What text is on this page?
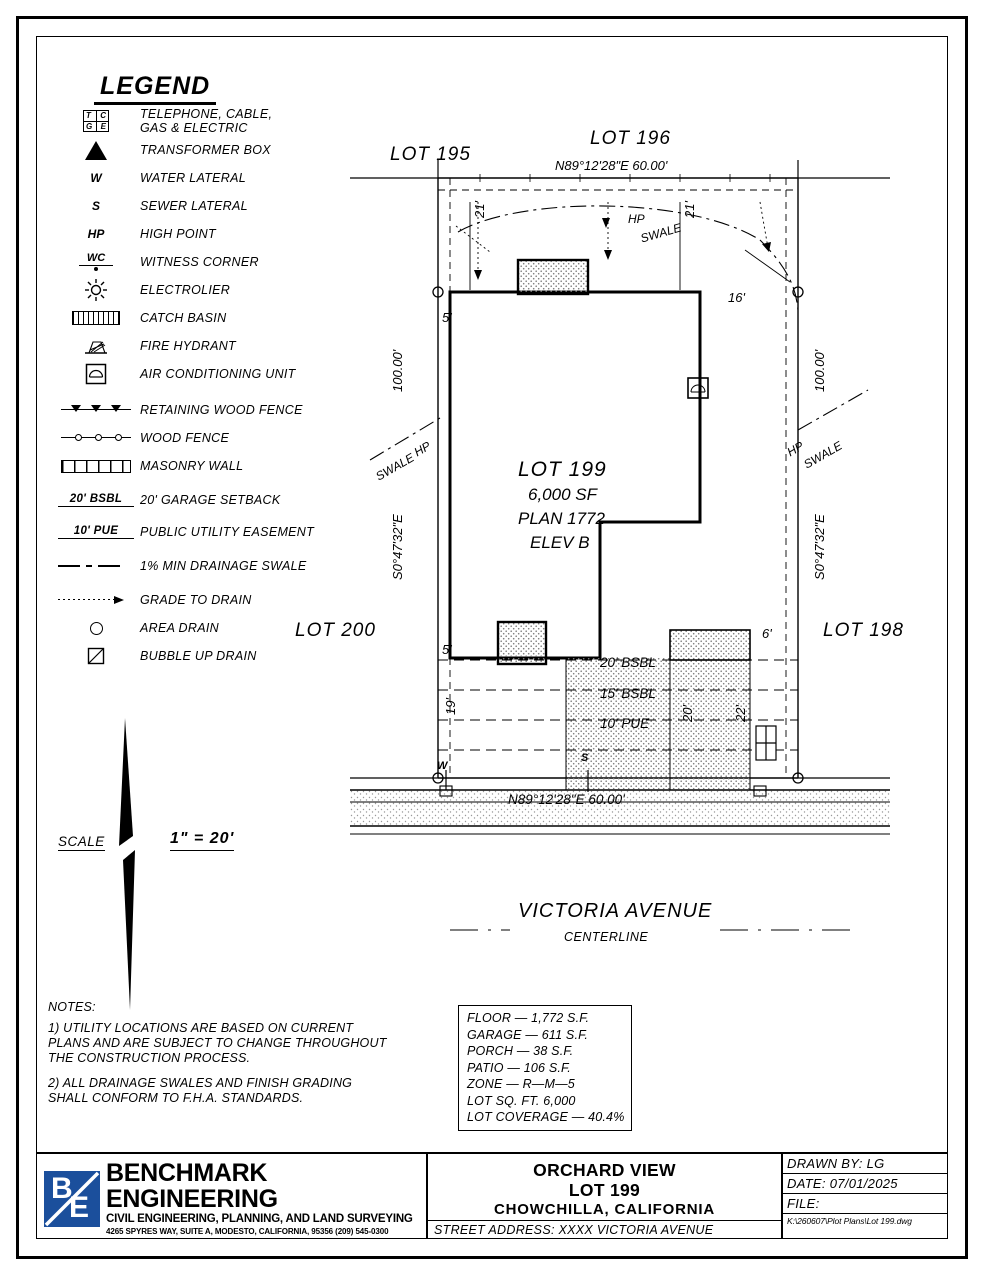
LEGEND
T C
G E
TELEPHONE, CABLE,
GAS & ELECTRIC
TRANSFORMER BOX
W	WATER LATERAL
S	SEWER LATERAL
HP	HIGH POINT
WC	WITNESS CORNER
ELECTROLIER
CATCH BASIN
FIRE HYDRANT
AIR CONDITIONING UNIT
RETAINING WOOD FENCE
WOOD FENCE
MASONRY WALL
20' BSBL	20' GARAGE SETBACK
10' PUE	PUBLIC UTILITY EASEMENT
1% MIN DRAINAGE SWALE
GRADE TO DRAIN
AREA DRAIN
BUBBLE UP DRAIN
SCALE	1" = 20'
NOTES:

1) UTILITY LOCATIONS ARE BASED ON CURRENT PLANS AND ARE SUBJECT TO CHANGE THROUGHOUT THE CONSTRUCTION PROCESS.

2) ALL DRAINAGE SWALES AND FINISH GRADING SHALL CONFORM TO F.H.A. STANDARDS.

FLOOR — 1,772 S.F.
GARAGE — 611 S.F.
PORCH — 38 S.F.
PATIO — 106 S.F.
ZONE — R—M—5
LOT SQ. FT. 6,000
LOT COVERAGE — 40.4%
LOT 195
LOT 196
N89°12'28"E 60.00'
LOT 200	LOT 198
100.00'
S0°47'32"E
100.00'
S0°47'32"E
LOT 199
6,000 SF
PLAN 1772
ELEV B
21'	21'
16'
5'
5'
6'
19'	20'	22'
20' BSBL
15' BSBL
10' PUE
HP
SWALE
HP
SWALE
HP
SWALE
W
S
N89°12'28"E 60.00'
VICTORIA AVENUE
CENTERLINE
B
E
BENCHMARK ENGINEERING
CIVIL ENGINEERING, PLANNING, AND LAND SURVEYING
4265 SPYRES WAY, SUITE A, MODESTO, CALIFORNIA, 95356 (209) 545-0300
ORCHARD VIEW
LOT 199
CHOWCHILLA, CALIFORNIA
STREET ADDRESS: XXXX VICTORIA AVENUE
DRAWN BY: LG
DATE: 07/01/2025
FILE:
K:\260607\Plot Plans\Lot 199.dwg
